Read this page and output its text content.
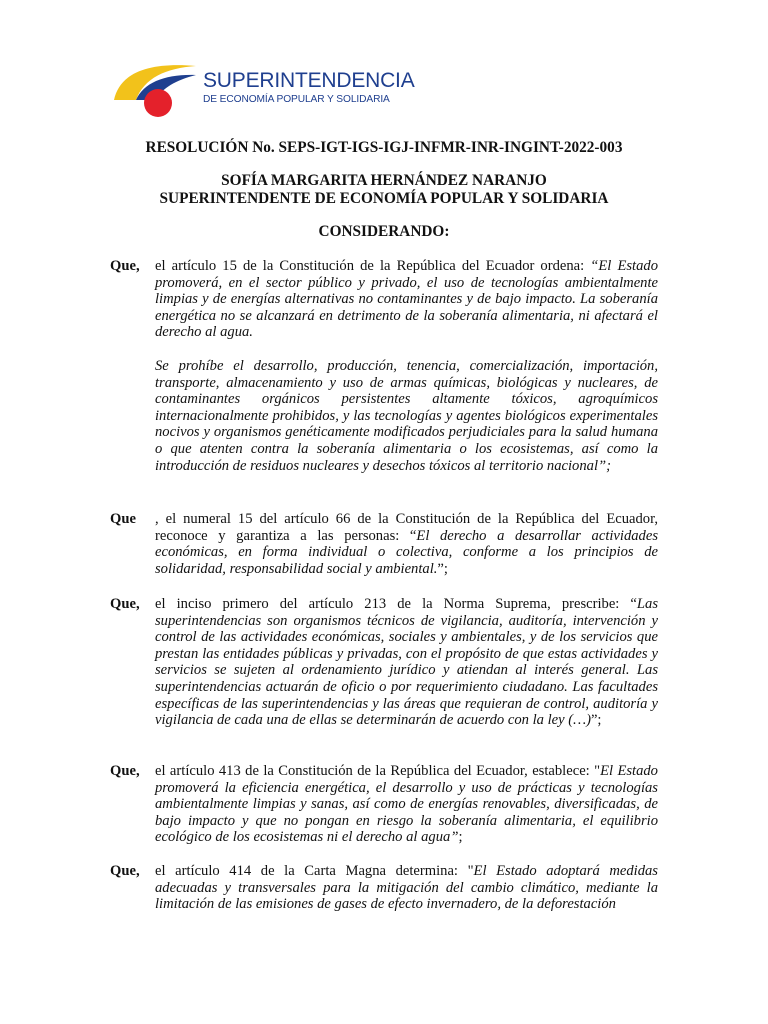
SUPERINTENDENCIA
DE ECONOMÍA POPULAR Y SOLIDARIA
RESOLUCIÓN No. SEPS-IGT-IGS-IGJ-INFMR-INR-INGINT-2022-003
SOFÍA MARGARITA HERNÁNDEZ NARANJO
SUPERINTENDENTE DE ECONOMÍA POPULAR Y SOLIDARIA
CONSIDERANDO:
Que,	el artículo 15 de la Constitución de la República del Ecuador ordena: “El Estado promoverá, en el sector público y privado, el uso de tecnologías ambientalmente limpias y de energías alternativas no contaminantes y de bajo impacto. La soberanía energética no se alcanzará en detrimento de la soberanía alimentaria, ni afectará el derecho al agua.
Se prohíbe el desarrollo, producción, tenencia, comercialización, importación, transporte, almacenamiento y uso de armas químicas, biológicas y nucleares, de contaminantes orgánicos persistentes altamente tóxicos, agroquímicos internacionalmente prohibidos, y las tecnologías y agentes biológicos experimentales nocivos y organismos genéticamente modificados perjudiciales para la salud humana o que atenten contra la soberanía alimentaria o los ecosistemas, así como la introducción de residuos nucleares y desechos tóxicos al territorio nacional”;
Que	, el numeral 15 del artículo 66 de la Constitución de la República del Ecuador, reconoce y garantiza a las personas: “El derecho a desarrollar actividades económicas, en forma individual o colectiva, conforme a los principios de solidaridad, responsabilidad social y ambiental.”;
Que,	el inciso primero del artículo 213 de la Norma Suprema, prescribe: “Las superintendencias son organismos técnicos de vigilancia, auditoría, intervención y control de las actividades económicas, sociales y ambientales, y de los servicios que prestan las entidades públicas y privadas, con el propósito de que estas actividades y servicios se sujeten al ordenamiento jurídico y atiendan al interés general. Las superintendencias actuarán de oficio o por requerimiento ciudadano. Las facultades específicas de las superintendencias y las áreas que requieran de control, auditoría y vigilancia de cada una de ellas se determinarán de acuerdo con la ley (…)”;
Que,	el artículo 413 de la Constitución de la República del Ecuador, establece: "El Estado promoverá la eficiencia energética, el desarrollo y uso de prácticas y tecnologías ambientalmente limpias y sanas, así como de energías renovables, diversificadas, de bajo impacto y que no pongan en riesgo la soberanía alimentaria, el equilibrio ecológico de los ecosistemas ni el derecho al agua”;
Que,	el artículo 414 de la Carta Magna determina: "El Estado adoptará medidas adecuadas y transversales para la mitigación del cambio climático, mediante la limitación de las emisiones de gases de efecto invernadero, de la deforestación
